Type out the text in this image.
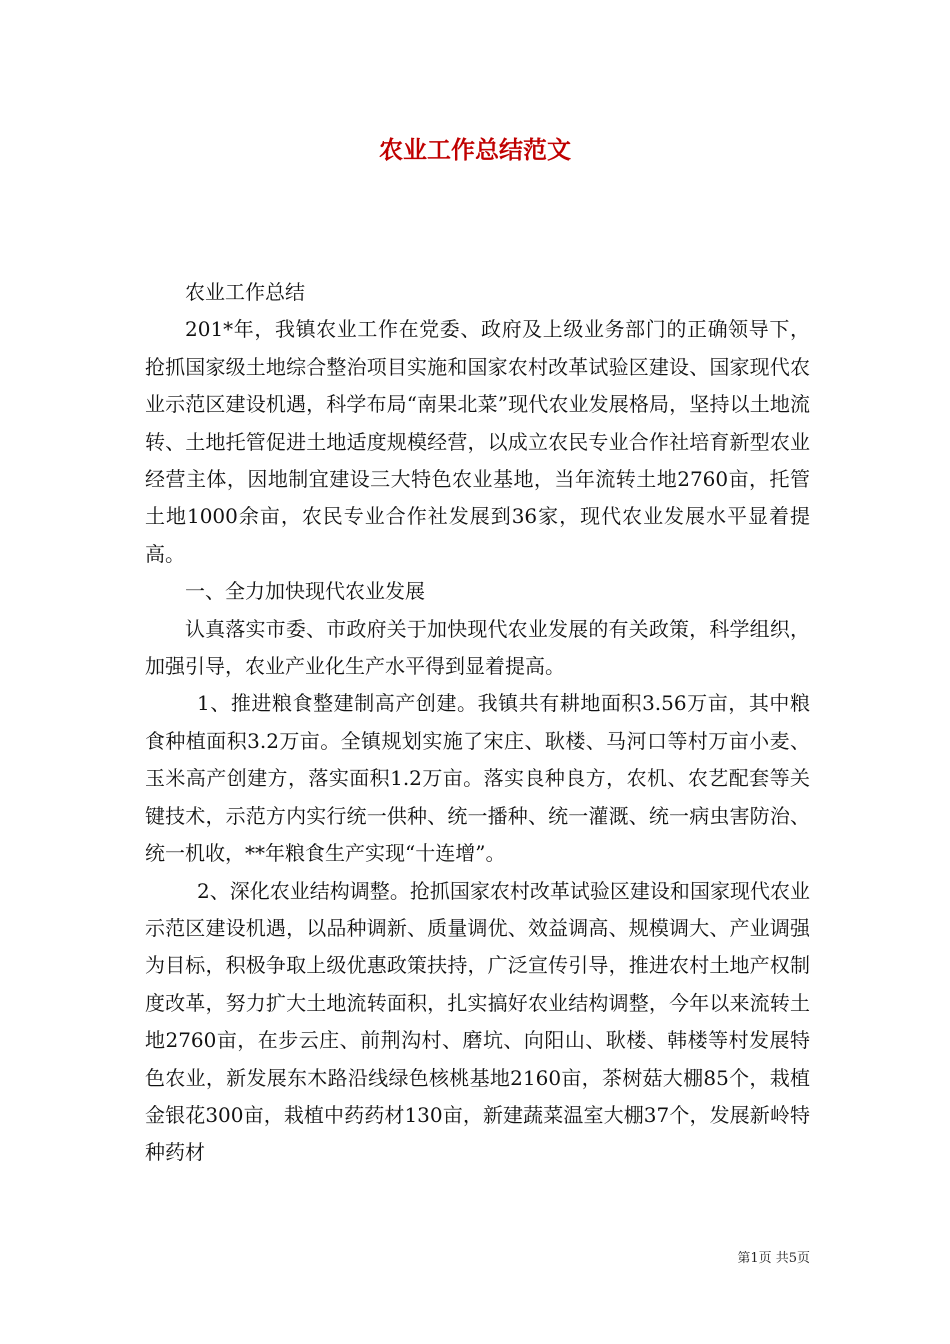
农业工作总结范文

农业工作总结

201*年，我镇农业工作在党委、政府及上级业务部门的正确领导下，抢抓国家级土地综合整治项目实施和国家农村改革试验区建设、国家现代农业示范区建设机遇，科学布局“南果北菜”现代农业发展格局，坚持以土地流转、土地托管促进土地适度规模经营，以成立农民专业合作社培育新型农业经营主体，因地制宜建设三大特色农业基地，当年流转土地2760亩，托管土地1000余亩，农民专业合作社发展到36家，现代农业发展水平显着提高。

一、全力加快现代农业发展

认真落实市委、市政府关于加快现代农业发展的有关政策，科学组织，加强引导，农业产业化生产水平得到显着提高。

1、推进粮食整建制高产创建。我镇共有耕地面积3.56万亩，其中粮食种植面积3.2万亩。全镇规划实施了宋庄、耿楼、马河口等村万亩小麦、玉米高产创建方，落实面积1.2万亩。落实良种良方，农机、农艺配套等关键技术，示范方内实行统一供种、统一播种、统一灌溉、统一病虫害防治、统一机收，**年粮食生产实现“十连增”。

2、深化农业结构调整。抢抓国家农村改革试验区建设和国家现代农业示范区建设机遇，以品种调新、质量调优、效益调高、规模调大、产业调强为目标，积极争取上级优惠政策扶持，广泛宣传引导，推进农村土地产权制度改革，努力扩大土地流转面积，扎实搞好农业结构调整，今年以来流转土地2760亩，在步云庄、前荆沟村、磨坑、向阳山、耿楼、韩楼等村发展特色农业，新发展东木路沿线绿色核桃基地2160亩，茶树菇大棚85个，栽植金银花300亩，栽植中药药材130亩，新建蔬菜温室大棚37个，发展新岭特种药材

第1页 共5页
